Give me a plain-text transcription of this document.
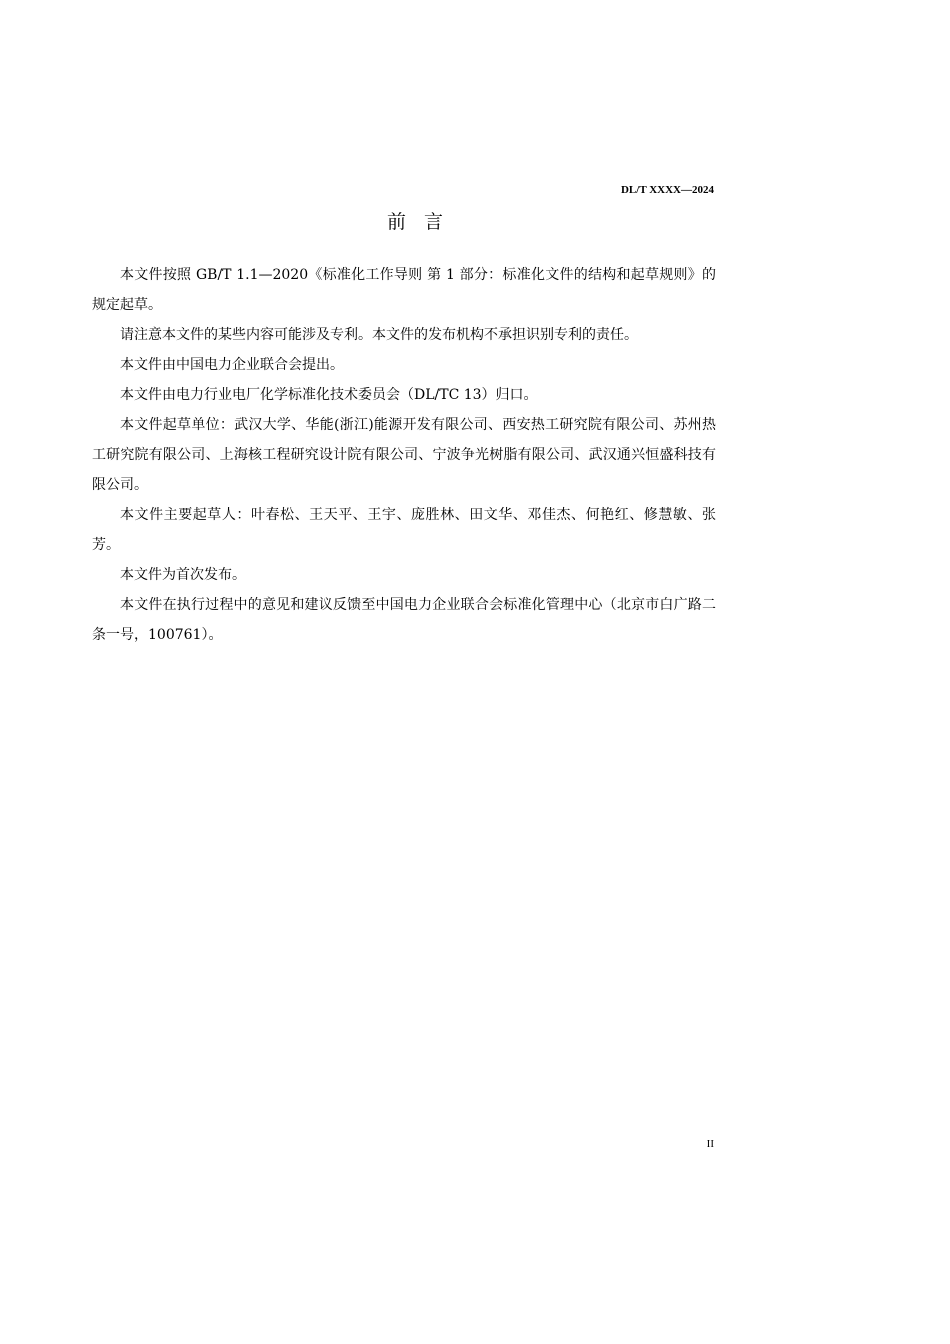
DL/T XXXX—2024
前言

本文件按照 GB/T 1.1—2020《标准化工作导则 第 1 部分：标准化文件的结构和起草规则》的规定起草。

请注意本文件的某些内容可能涉及专利。本文件的发布机构不承担识别专利的责任。

本文件由中国电力企业联合会提出。

本文件由电力行业电厂化学标准化技术委员会（DL/TC 13）归口。

本文件起草单位：武汉大学、华能(浙江)能源开发有限公司、西安热工研究院有限公司、苏州热工研究院有限公司、上海核工程研究设计院有限公司、宁波争光树脂有限公司、武汉通兴恒盛科技有限公司。

本文件主要起草人：叶春松、王天平、王宇、庞胜林、田文华、邓佳杰、何艳红、修慧敏、张芳。

本文件为首次发布。

本文件在执行过程中的意见和建议反馈至中国电力企业联合会标准化管理中心（北京市白广路二条一号，100761）。

II
